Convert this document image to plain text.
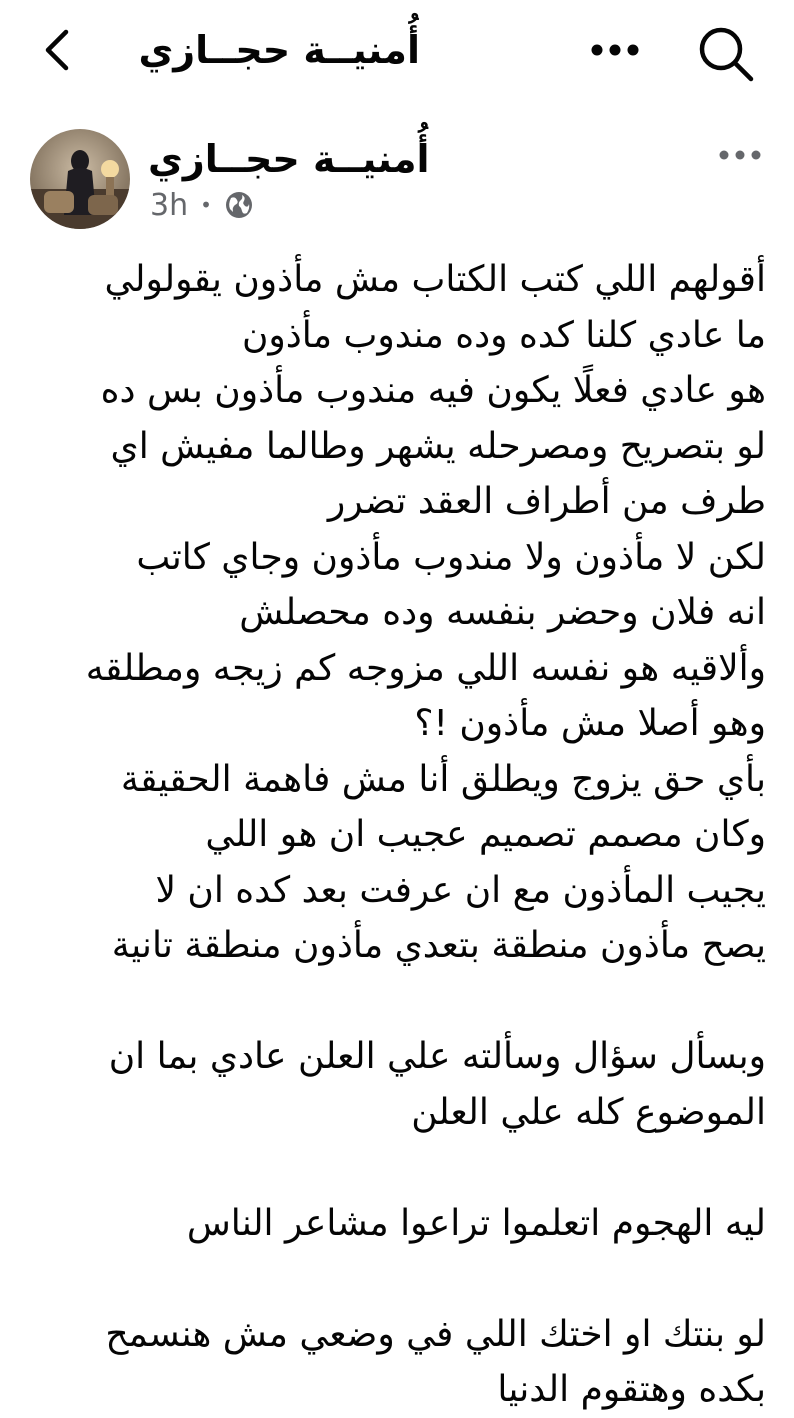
أُمنيــة حجــازي
أُمنيــة حجــازي
3h •
أقولهم اللي كتب الكتاب مش مأذون يقولولي
ما عادي كلنا كده وده مندوب مأذون
هو عادي فعلًا يكون فيه مندوب مأذون بس ده
لو بتصريح ومصرحله يشهر وطالما مفيش اي
طرف من أطراف العقد تضرر
لكن لا مأذون ولا مندوب مأذون وجاي كاتب
انه فلان وحضر بنفسه وده محصلش
وألاقيه هو نفسه اللي مزوجه كم زيجه ومطلقه
وهو أصلا مش مأذون !؟
بأي حق يزوج ويطلق أنا مش فاهمة الحقيقة
وكان مصمم تصميم عجيب ان هو اللي
يجيب المأذون مع ان عرفت بعد كده ان لا
يصح مأذون منطقة بتعدي مأذون منطقة تانية
وبسأل سؤال وسألته علي العلن عادي بما ان
الموضوع كله علي العلن
ليه الهجوم اتعلموا تراعوا مشاعر الناس
لو بنتك او اختك اللي في وضعي مش هنسمح
بكده وهتقوم الدنيا
